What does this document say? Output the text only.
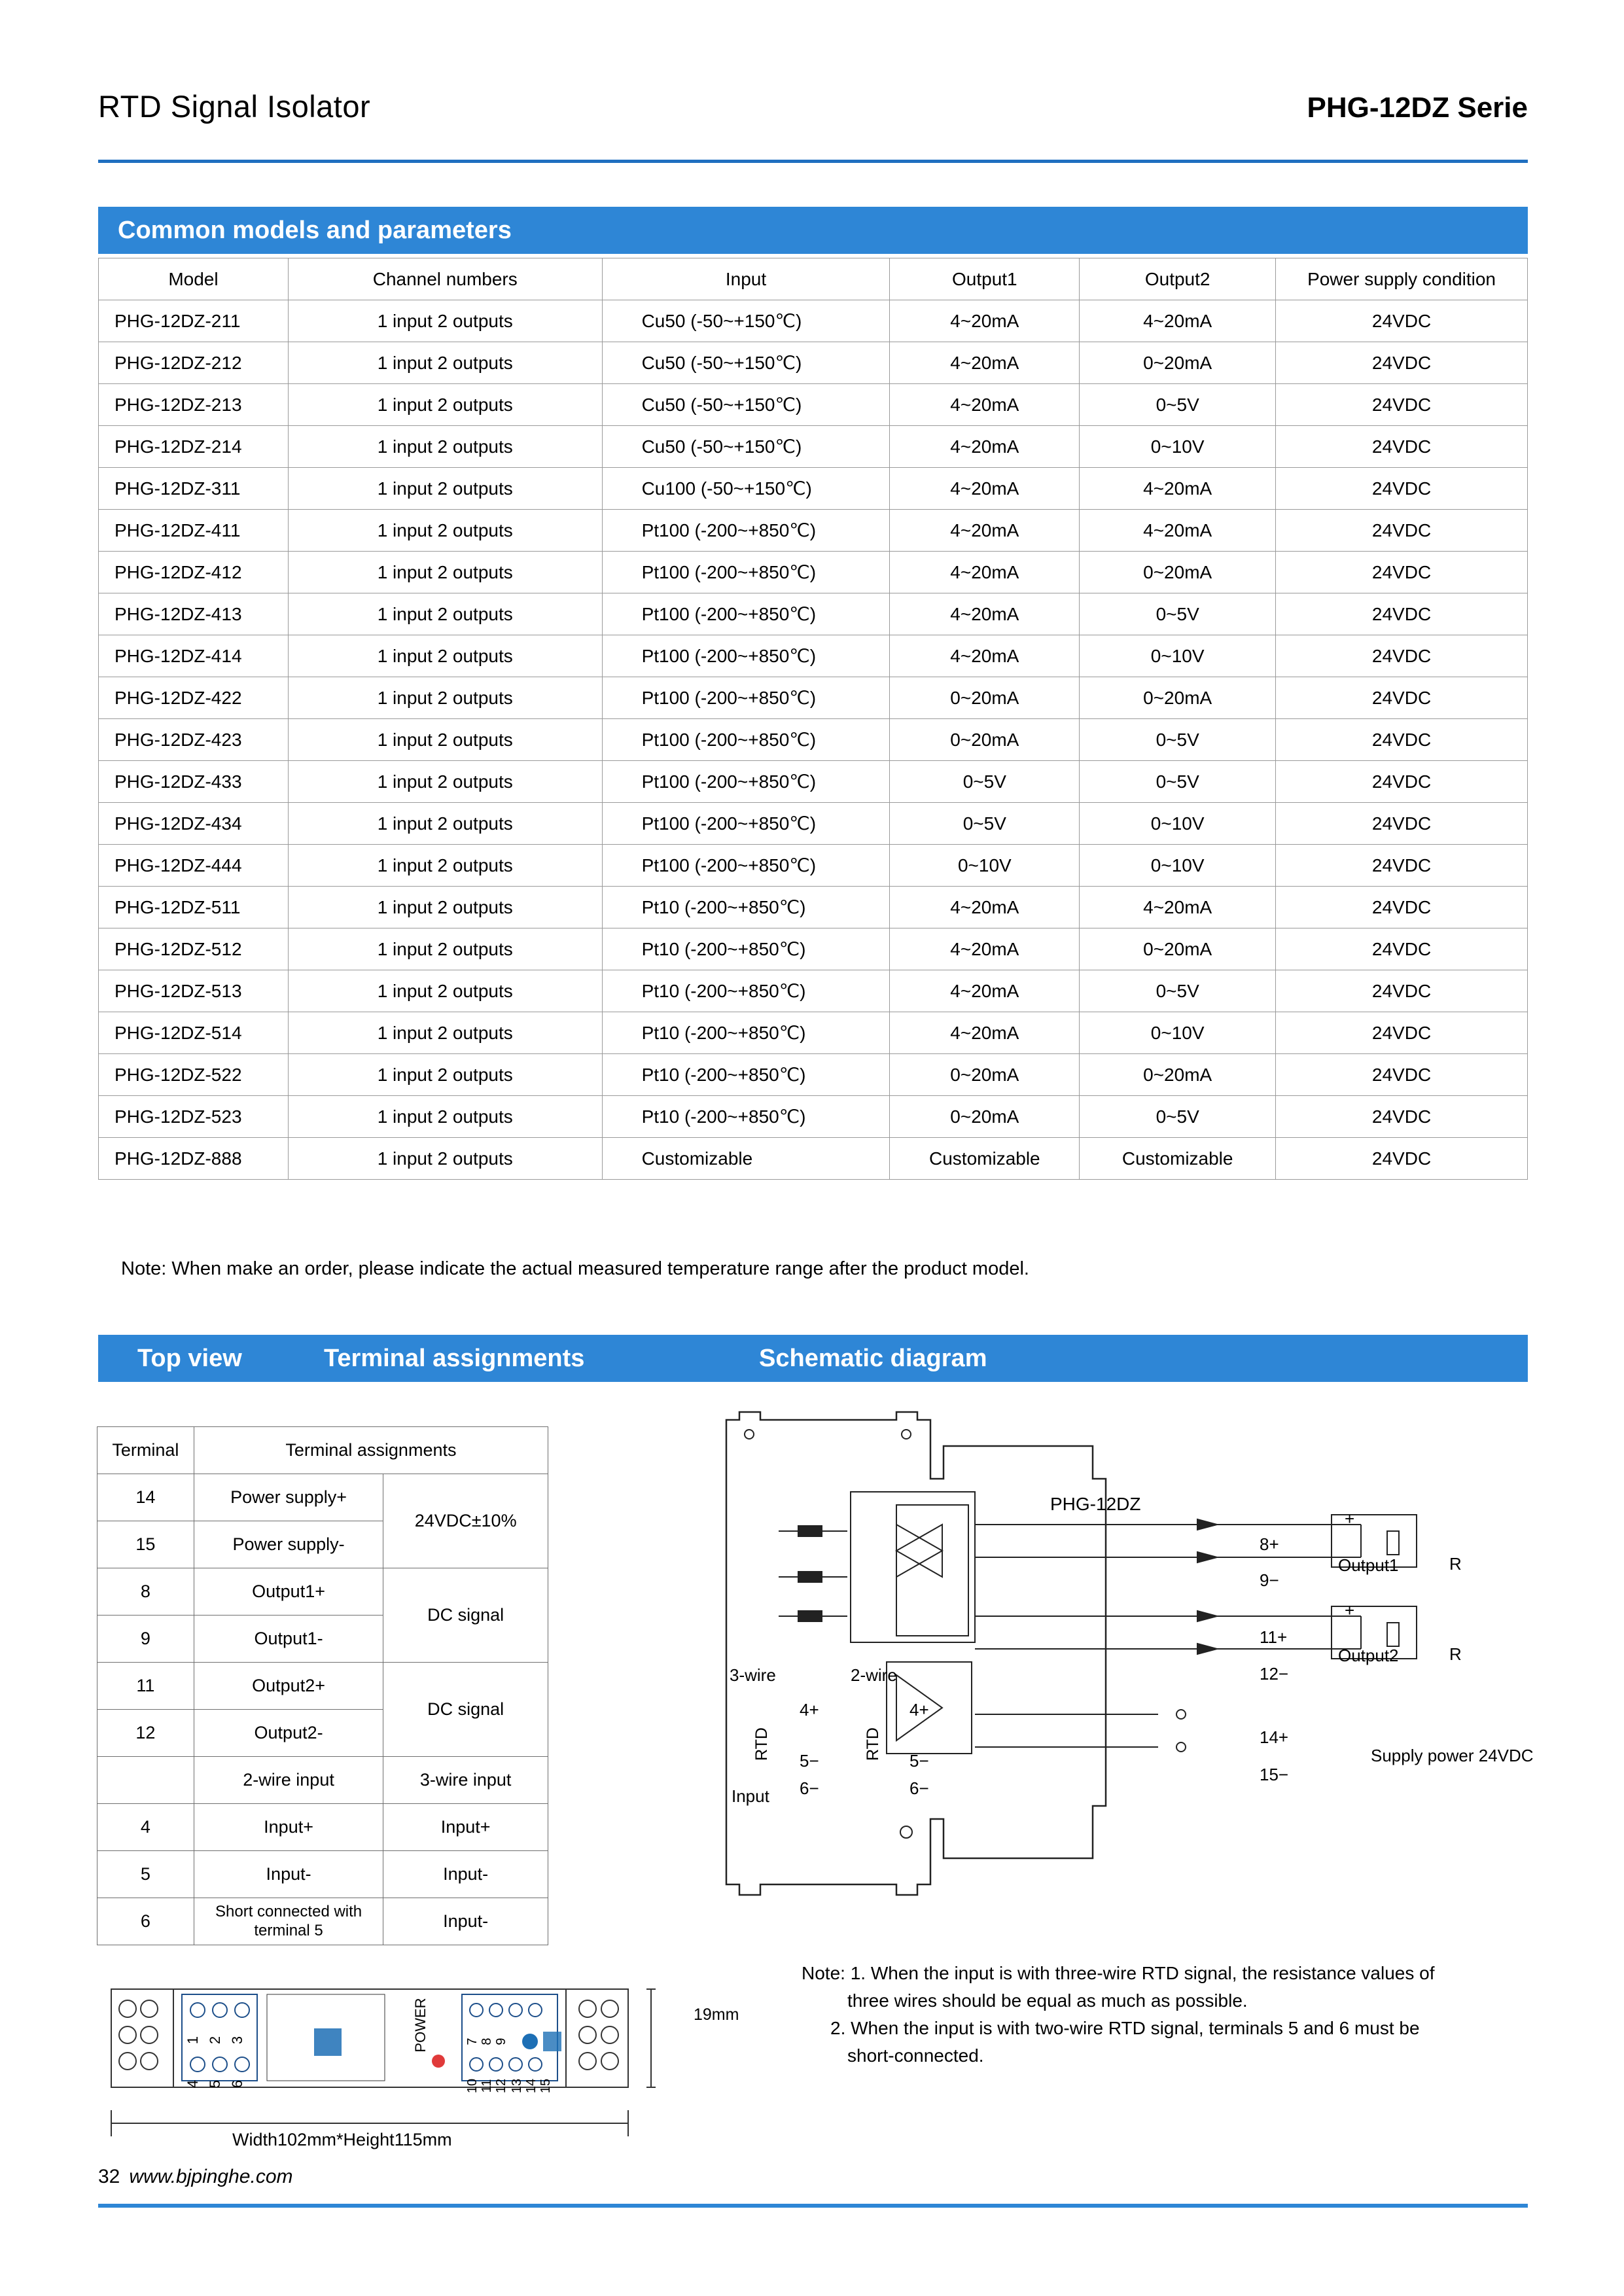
RTD Signal Isolator	PHG-12DZ Serie
Common models and parameters
Model	Channel numbers	Input	Output1	Output2	Power supply condition
PHG-12DZ-211	1 input 2 outputs	Cu50 (-50~+150℃)	4~20mA	4~20mA	24VDC
PHG-12DZ-212	1 input 2 outputs	Cu50 (-50~+150℃)	4~20mA	0~20mA	24VDC
PHG-12DZ-213	1 input 2 outputs	Cu50 (-50~+150℃)	4~20mA	0~5V	24VDC
PHG-12DZ-214	1 input 2 outputs	Cu50 (-50~+150℃)	4~20mA	0~10V	24VDC
PHG-12DZ-311	1 input 2 outputs	Cu100 (-50~+150℃)	4~20mA	4~20mA	24VDC
PHG-12DZ-411	1 input 2 outputs	Pt100 (-200~+850℃)	4~20mA	4~20mA	24VDC
PHG-12DZ-412	1 input 2 outputs	Pt100 (-200~+850℃)	4~20mA	0~20mA	24VDC
PHG-12DZ-413	1 input 2 outputs	Pt100 (-200~+850℃)	4~20mA	0~5V	24VDC
PHG-12DZ-414	1 input 2 outputs	Pt100 (-200~+850℃)	4~20mA	0~10V	24VDC
PHG-12DZ-422	1 input 2 outputs	Pt100 (-200~+850℃)	0~20mA	0~20mA	24VDC
PHG-12DZ-423	1 input 2 outputs	Pt100 (-200~+850℃)	0~20mA	0~5V	24VDC
PHG-12DZ-433	1 input 2 outputs	Pt100 (-200~+850℃)	0~5V	0~5V	24VDC
PHG-12DZ-434	1 input 2 outputs	Pt100 (-200~+850℃)	0~5V	0~10V	24VDC
PHG-12DZ-444	1 input 2 outputs	Pt100 (-200~+850℃)	0~10V	0~10V	24VDC
PHG-12DZ-511	1 input 2 outputs	Pt10 (-200~+850℃)	4~20mA	4~20mA	24VDC
PHG-12DZ-512	1 input 2 outputs	Pt10 (-200~+850℃)	4~20mA	0~20mA	24VDC
PHG-12DZ-513	1 input 2 outputs	Pt10 (-200~+850℃)	4~20mA	0~5V	24VDC
PHG-12DZ-514	1 input 2 outputs	Pt10 (-200~+850℃)	4~20mA	0~10V	24VDC
PHG-12DZ-522	1 input 2 outputs	Pt10 (-200~+850℃)	0~20mA	0~20mA	24VDC
PHG-12DZ-523	1 input 2 outputs	Pt10 (-200~+850℃)	0~20mA	0~5V	24VDC
PHG-12DZ-888	1 input 2 outputs	Customizable	Customizable	Customizable	24VDC
Note: When make an order, please indicate the actual measured temperature range after the product model.
Top view	Terminal assignments	Schematic diagram
Terminal	Terminal assignments	
14	Power supply+	24VDC±10%
15	Power supply-	
8	Output1+	DC signal
9	Output1-	
11	Output2+	DC signal
12	Output2-	
	2-wire input	3-wire input
4	Input+	Input+
5	Input-	Input-
6	Short connected with terminal 5	Input-
1 2 3
4 5 6
POWER	7 8 9
10 11 12 13 14 15
Width102mm*Height115mm
19mm
+
+
PHG-12DZ
3-wire	2-wire
RTD	RTD
Input
4+
5−
6−
4+
5−
6−
8+
9−
11+
12−
14+
15−
Output1
Output2
R
R
Supply power 24VDC
Note: 1. When the input is with three-wire RTD signal, the resistance values of
three wires should be equal as much as possible.
2. When the input is with two-wire RTD signal, terminals 5 and 6 must be
short-connected.
32 www.bjpinghe.com
